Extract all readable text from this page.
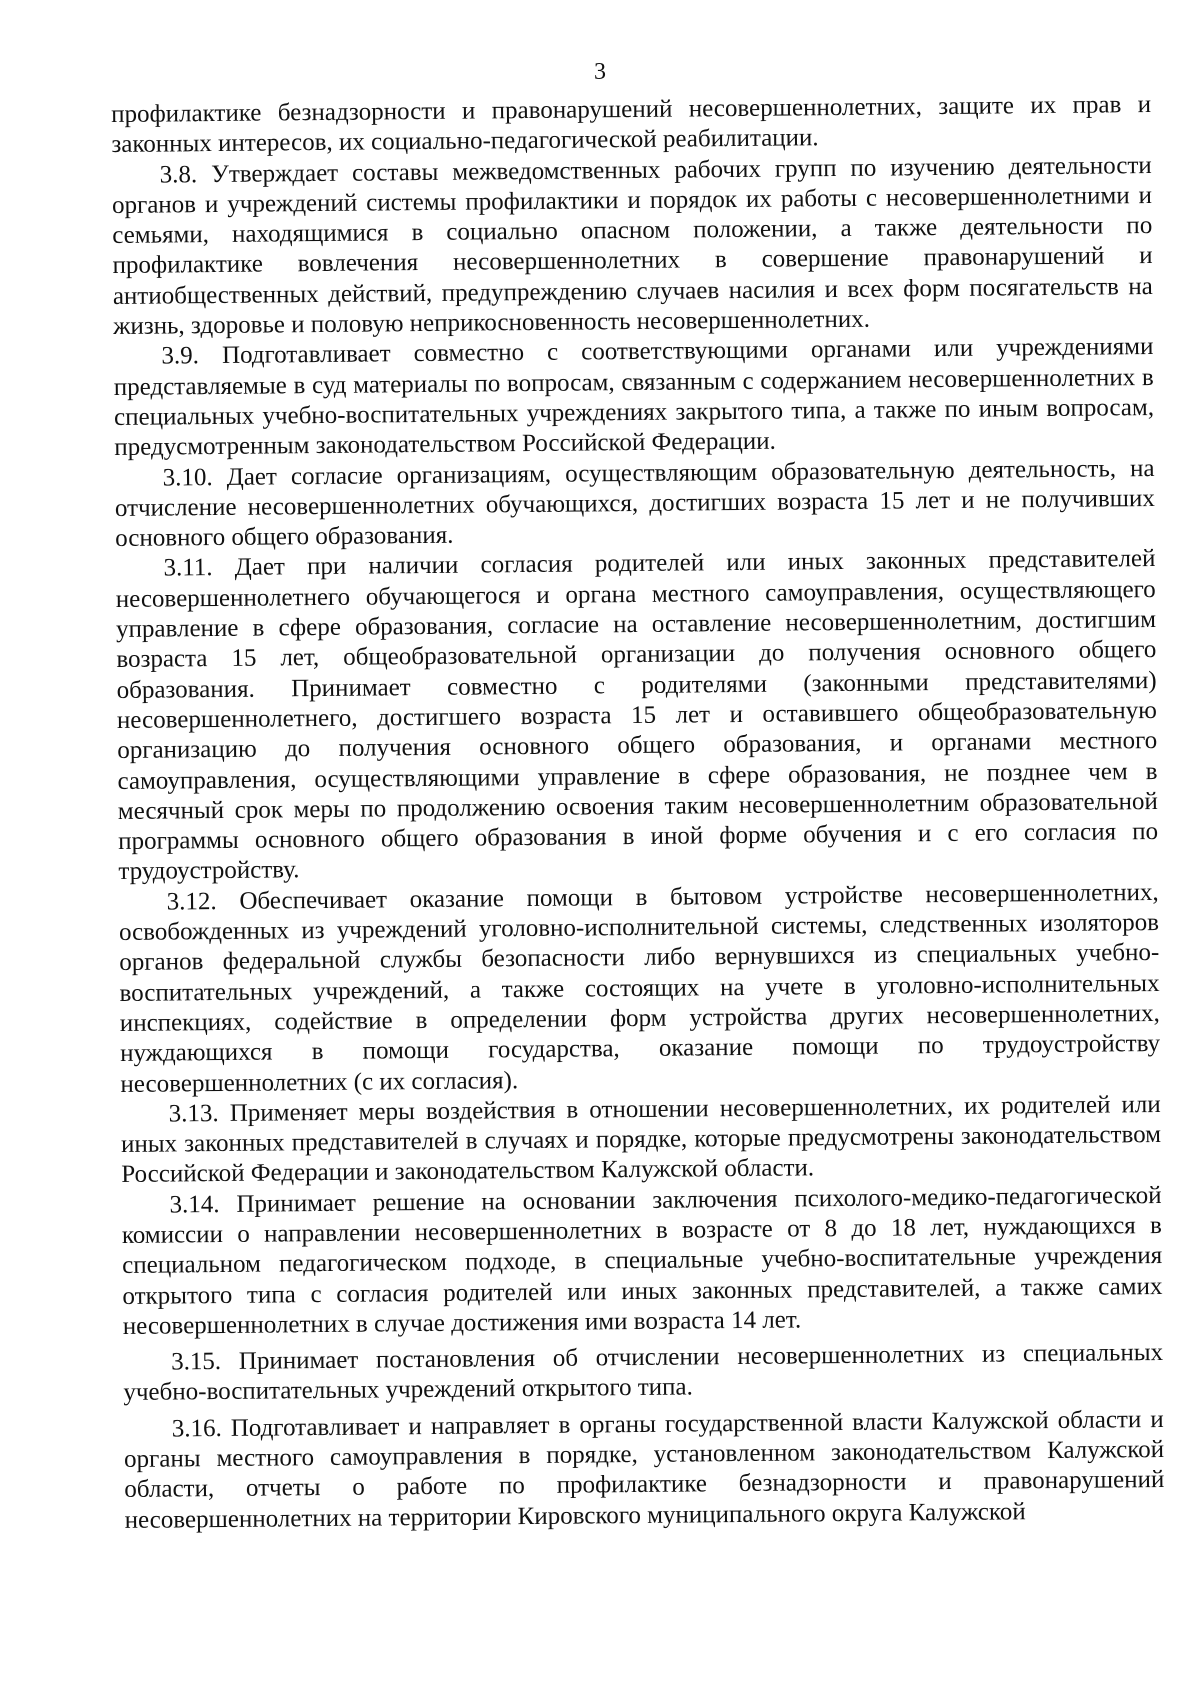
3

профилактике безнадзорности и правонарушений несовершеннолетних, защите их прав и законных интересов, их социально-педагогической реабилитации.

3.8. Утверждает составы межведомственных рабочих групп по изучению деятельности органов и учреждений системы профилактики и порядок их работы с несовершеннолетними и семьями, находящимися в социально опасном положении, а также деятельности по профилактике вовлечения несовершеннолетних в совершение правонарушений и антиобщественных действий, предупреждению случаев насилия и всех форм посягательств на жизнь, здоровье и половую неприкосновенность несовершеннолетних.

3.9. Подготавливает совместно с соответствующими органами или учреждениями представляемые в суд материалы по вопросам, связанным с содержанием несовершеннолетних в специальных учебно-воспитательных учреждениях закрытого типа, а также по иным вопросам, предусмотренным законодательством Российской Федерации.

3.10. Дает согласие организациям, осуществляющим образовательную деятельность, на отчисление несовершеннолетних обучающихся, достигших возраста 15 лет и не получивших основного общего образования.

3.11. Дает при наличии согласия родителей или иных законных представителей несовершеннолетнего обучающегося и органа местного самоуправления, осуществляющего управление в сфере образования, согласие на оставление несовершеннолетним, достигшим возраста 15 лет, общеобразовательной организации до получения основного общего образования. Принимает совместно с родителями (законными представителями) несовершеннолетнего, достигшего возраста 15 лет и оставившего общеобразовательную организацию до получения основного общего образования, и органами местного самоуправления, осуществляющими управление в сфере образования, не позднее чем в месячный срок меры по продолжению освоения таким несовершеннолетним образовательной программы основного общего образования в иной форме обучения и с его согласия по трудоустройству.

3.12. Обеспечивает оказание помощи в бытовом устройстве несовершеннолетних, освобожденных из учреждений уголовно-исполнительной системы, следственных изоляторов органов федеральной службы безопасности либо вернувшихся из специальных учебно-воспитательных учреждений, а также состоящих на учете в уголовно-исполнительных инспекциях, содействие в определении форм устройства других несовершеннолетних, нуждающихся в помощи государства, оказание помощи по трудоустройству несовершеннолетних (с их согласия).

3.13. Применяет меры воздействия в отношении несовершеннолетних, их родителей или иных законных представителей в случаях и порядке, которые предусмотрены законодательством Российской Федерации и законодательством Калужской области.

3.14. Принимает решение на основании заключения психолого-медико-педагогической комиссии о направлении несовершеннолетних в возрасте от 8 до 18 лет, нуждающихся в специальном педагогическом подходе, в специальные учебно-воспитательные учреждения открытого типа с согласия родителей или иных законных представителей, а также самих несовершеннолетних в случае достижения ими возраста 14 лет.

3.15. Принимает постановления об отчислении несовершеннолетних из специальных учебно-воспитательных учреждений открытого типа.

3.16. Подготавливает и направляет в органы государственной власти Калужской области и органы местного самоуправления в порядке, установленном законодательством Калужской области, отчеты о работе по профилактике безнадзорности и правонарушений несовершеннолетних на территории Кировского муниципального округа Калужской
